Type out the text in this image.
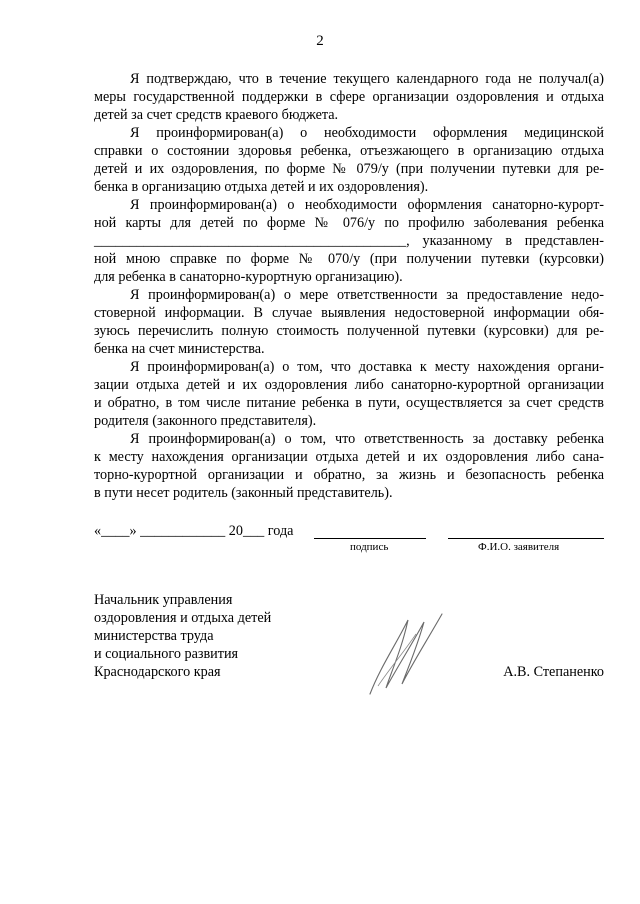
2
Я подтверждаю, что в течение текущего календарного года не получал(а)
меры государственной поддержки в сфере организации оздоровления и отдыха
детей за счет средств краевого бюджета.
Я проинформирован(а) о необходимости оформления медицинской
справки о состоянии здоровья ребенка, отъезжающего в организацию отдыха
детей и их оздоровления, по форме № 079/у (при получении путевки для ре-
бенка в организацию отдыха детей и их оздоровления).
Я проинформирован(а) о необходимости оформления санаторно-курорт-
ной карты для детей по форме № 076/у по профилю заболевания ребенка
____________________________________________, указанному в представлен-
ной мною справке по форме № 070/у (при получении путевки (курсовки)
для ребенка в санаторно-курортную организацию).
Я проинформирован(а) о мере ответственности за предоставление недо-
стоверной информации. В случае выявления недостоверной информации обя-
зуюсь перечислить полную стоимость полученной путевки (курсовки) для ре-
бенка на счет министерства.
Я проинформирован(а) о том, что доставка к месту нахождения органи-
зации отдыха детей и их оздоровления либо санаторно-курортной организации
и обратно, в том числе питание ребенка в пути, осуществляется за счет средств
родителя (законного представителя).
Я проинформирован(а) о том, что ответственность за доставку ребенка
к месту нахождения организации отдыха детей и их оздоровления либо сана-
торно-курортной организации и обратно, за жизнь и безопасность ребенка
в пути несет родитель (законный представитель).
«____» ____________ 20___ года
подпись	Ф.И.О. заявителя
Начальник управления
оздоровления и отдыха детей
министерства труда
и социального развития
Краснодарского края	А.В. Степаненко
